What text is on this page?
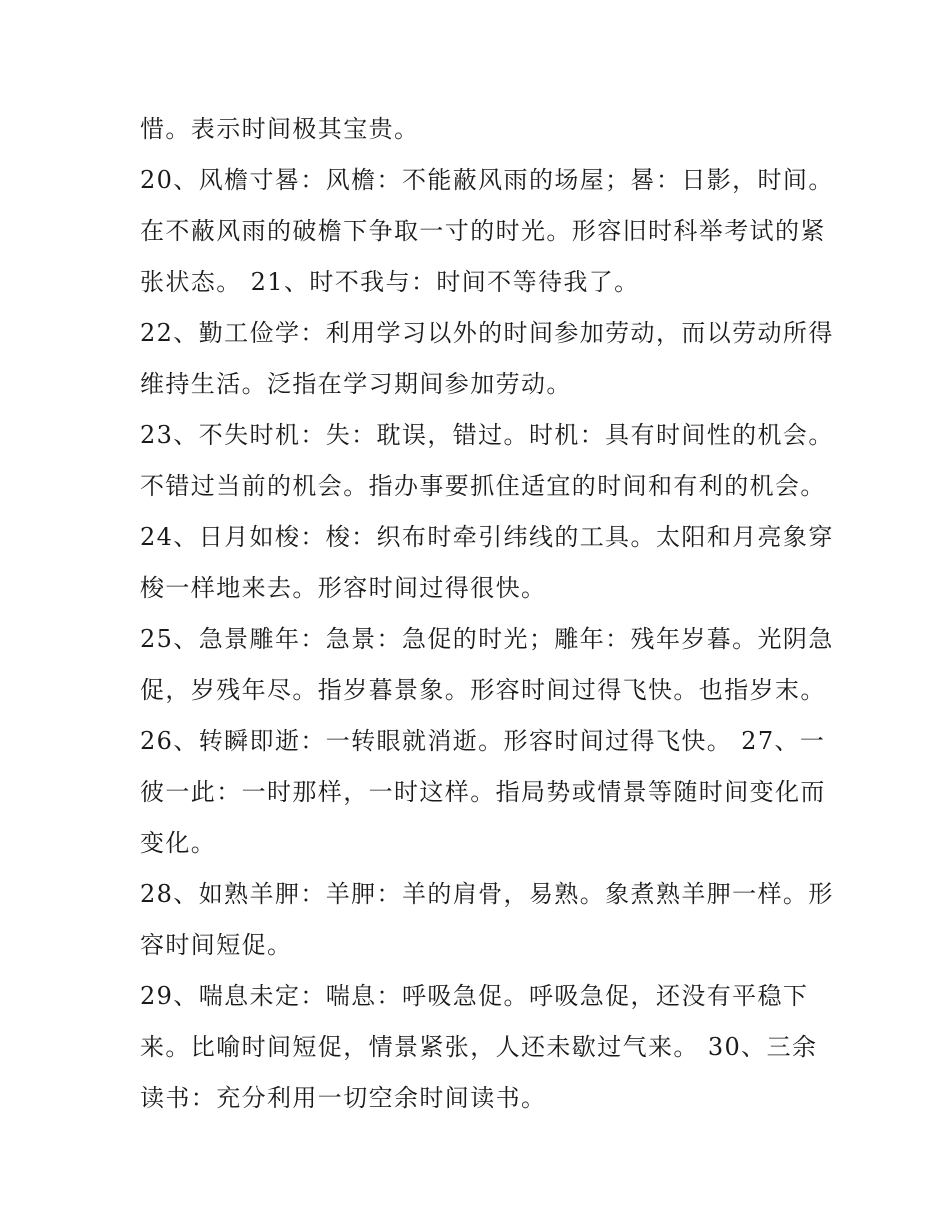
惜。表示时间极其宝贵。
20、风檐寸晷：风檐：不能蔽风雨的场屋；晷：日影，时间。
在不蔽风雨的破檐下争取一寸的时光。形容旧时科举考试的紧
张状态。 21、时不我与：时间不等待我了。
22、勤工俭学：利用学习以外的时间参加劳动，而以劳动所得
维持生活。泛指在学习期间参加劳动。
23、不失时机：失：耽误，错过。时机：具有时间性的机会。
不错过当前的机会。指办事要抓住适宜的时间和有利的机会。
24、日月如梭：梭：织布时牵引纬线的工具。太阳和月亮象穿
梭一样地来去。形容时间过得很快。
25、急景雕年：急景：急促的时光；雕年：残年岁暮。光阴急
促，岁残年尽。指岁暮景象。形容时间过得飞快。也指岁末。
26、转瞬即逝：一转眼就消逝。形容时间过得飞快。 27、一
彼一此：一时那样，一时这样。指局势或情景等随时间变化而
变化。
28、如熟羊胛：羊胛：羊的肩骨，易熟。象煮熟羊胛一样。形
容时间短促。
29、喘息未定：喘息：呼吸急促。呼吸急促，还没有平稳下
来。比喻时间短促，情景紧张，人还未歇过气来。 30、三余
读书：充分利用一切空余时间读书。
